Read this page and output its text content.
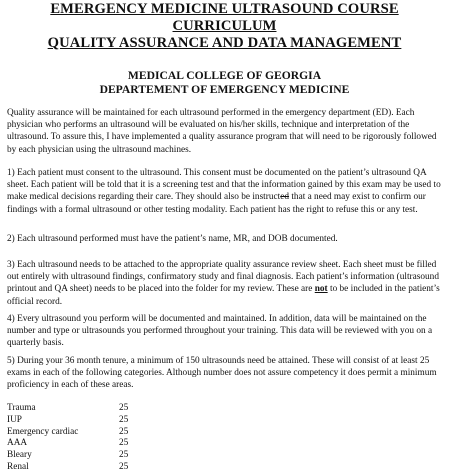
EMERGENCY MEDICINE ULTRASOUND COURSE
CURRICULUM
QUALITY ASSURANCE AND DATA MANAGEMENT
MEDICAL COLLEGE OF GEORGIA
DEPARTEMENT OF EMERGENCY MEDICINE
Quality assurance will be maintained for each ultrasound performed in the emergency department (ED). Each physician who performs an ultrasound will be evaluated on his/her skills, technique and interpretation of the ultrasound. To assure this, I have implemented a quality assurance program that will need to be rigorously followed by each physician using the ultrasound machines.
1) Each patient must consent to the ultrasound. This consent must be documented on the patient’s ultrasound QA sheet. Each patient will be told that it is a screening test and that the information gained by this exam may be used to make medical decisions regarding their care. They should also be instructed that a need may exist to confirm our findings with a formal ultrasound or other testing modality. Each patient has the right to refuse this or any test.
2) Each ultrasound performed must have the patient’s name, MR, and DOB documented.
3) Each ultrasound needs to be attached to the appropriate quality assurance review sheet. Each sheet must be filled out entirely with ultrasound findings, confirmatory study and final diagnosis. Each patient’s information (ultrasound printout and QA sheet) needs to be placed into the folder for my review. These are not to be included in the patient’s official record.
4) Every ultrasound you perform will be documented and maintained. In addition, data will be maintained on the number and type or ultrasounds you performed throughout your training. This data will be reviewed with you on a quarterly basis.
5) During your 36 month tenure, a minimum of 150 ultrasounds need be attained. These will consist of at least 25 exams in each of the following categories. Although number does not assure competency it does permit a minimum proficiency in each of these areas.
Trauma	25
IUP	25
Emergency cardiac	25
AAA	25
Bleary	25
Renal	25
